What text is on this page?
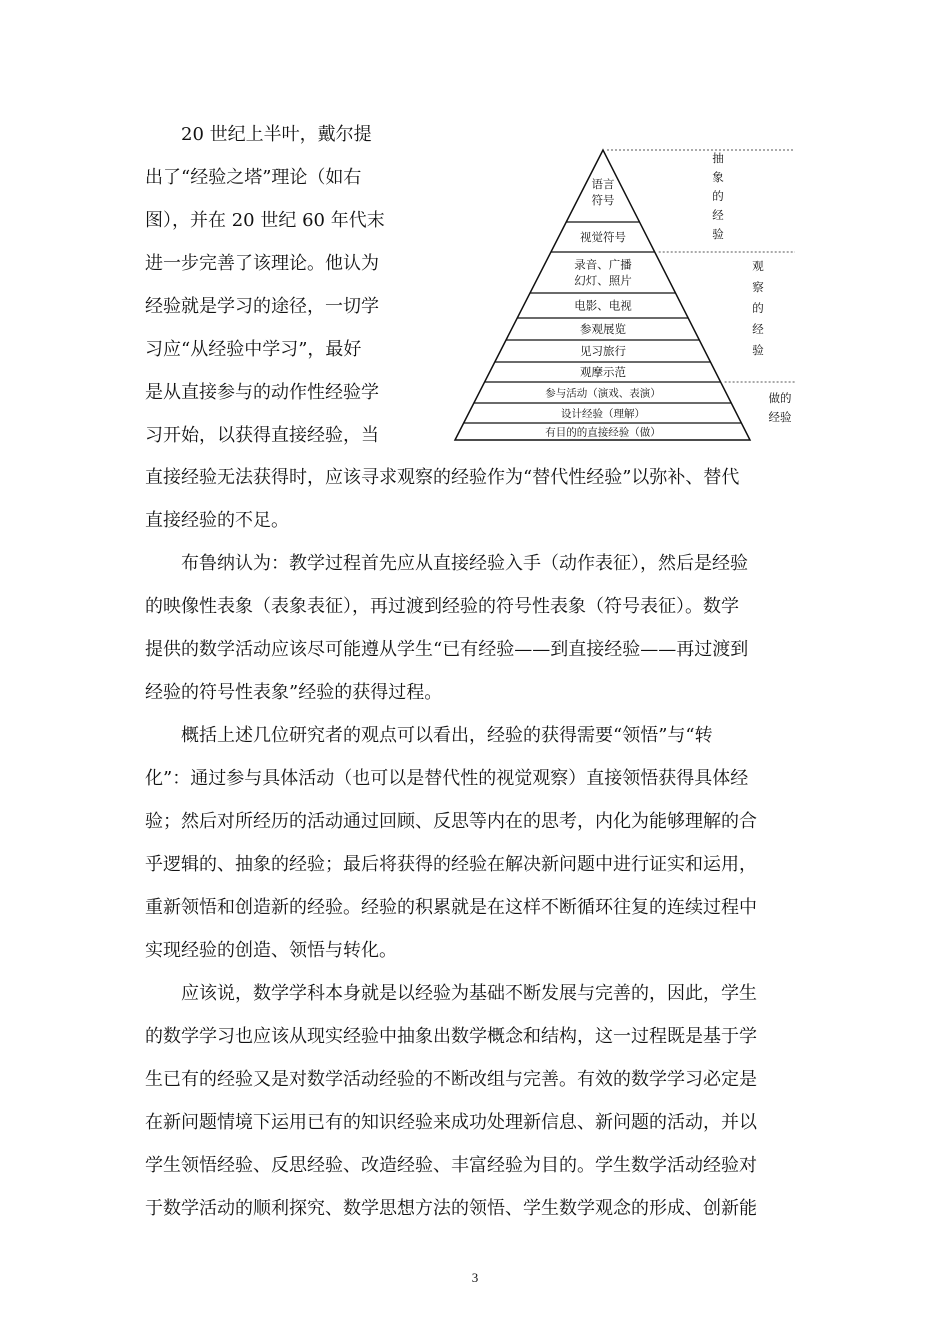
20 世纪上半叶，戴尔提
出了“经验之塔”理论（如右
图），并在 20 世纪 60 年代末
进一步完善了该理论。他认为
经验就是学习的途径，一切学
习应“从经验中学习”，最好
是从直接参与的动作性经验学
习开始，以获得直接经验，当
语言符号
视觉符号
录音、广播幻灯、照片
电影、电视
参观展览
见习旅行
观摩示范
参与活动（演戏、表演）
设计经验（理解）
有目的的直接经验（做）
抽象的经验
观察的经验
做的经验
直接经验无法获得时，应该寻求观察的经验作为“替代性经验”以弥补、替代
直接经验的不足。
布鲁纳认为：教学过程首先应从直接经验入手（动作表征），然后是经验
的映像性表象（表象表征），再过渡到经验的符号性表象（符号表征）。数学
提供的数学活动应该尽可能遵从学生“已有经验——到直接经验——再过渡到
经验的符号性表象”经验的获得过程。
概括上述几位研究者的观点可以看出，经验的获得需要“领悟”与“转
化”：通过参与具体活动（也可以是替代性的视觉观察）直接领悟获得具体经
验；然后对所经历的活动通过回顾、反思等内在的思考，内化为能够理解的合
乎逻辑的、抽象的经验；最后将获得的经验在解决新问题中进行证实和运用，
重新领悟和创造新的经验。经验的积累就是在这样不断循环往复的连续过程中
实现经验的创造、领悟与转化。
应该说，数学学科本身就是以经验为基础不断发展与完善的，因此，学生
的数学学习也应该从现实经验中抽象出数学概念和结构，这一过程既是基于学
生已有的经验又是对数学活动经验的不断改组与完善。有效的数学学习必定是
在新问题情境下运用已有的知识经验来成功处理新信息、新问题的活动，并以
学生领悟经验、反思经验、改造经验、丰富经验为目的。学生数学活动经验对
于数学活动的顺利探究、数学思想方法的领悟、学生数学观念的形成、创新能
3
